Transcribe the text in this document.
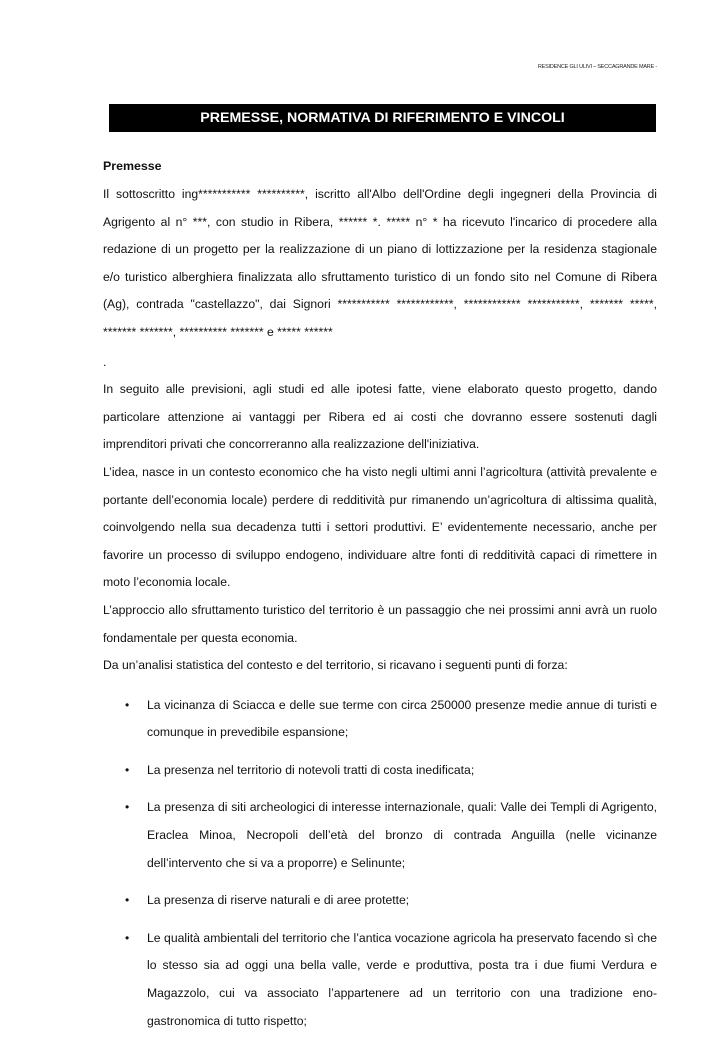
RESIDENCE GLI ULIVI – SECCAGRANDE MARE -
PREMESSE, NORMATIVA DI RIFERIMENTO E VINCOLI
Premesse

Il sottoscritto ing*********** **********, iscritto all'Albo dell'Ordine degli ingegneri della Provincia di Agrigento al n° ***, con studio in Ribera, ****** *. ***** n° * ha ricevuto l'incarico di procedere alla redazione di un progetto per la realizzazione di un piano di lottizzazione per la residenza stagionale e/o turistico alberghiera finalizzata allo sfruttamento turistico di un fondo sito nel Comune di Ribera (Ag), contrada "castellazzo", dai Signori *********** ************, ************ ***********, ******* *****, ******* *******, ********** ******* e ***** ******

.

In seguito alle previsioni, agli studi ed alle ipotesi fatte, viene elaborato questo progetto, dando particolare attenzione ai vantaggi per Ribera ed ai costi che dovranno essere sostenuti dagli imprenditori privati che concorreranno alla realizzazione dell'iniziativa.

L’idea, nasce in un contesto economico che ha visto negli ultimi anni l’agricoltura (attività prevalente e portante dell’economia locale) perdere di redditività pur rimanendo un’agricoltura di altissima qualità, coinvolgendo nella sua decadenza tutti i settori produttivi. E’ evidentemente necessario, anche per favorire un processo di sviluppo endogeno, individuare altre fonti di redditività capaci di rimettere in moto l’economia locale.

L’approccio allo sfruttamento turistico del territorio è un passaggio che nei prossimi anni avrà un ruolo fondamentale per questa economia.

Da un’analisi statistica del contesto e del territorio, si ricavano i seguenti punti di forza:

• La vicinanza di Sciacca e delle sue terme con circa 250000 presenze medie annue di turisti e comunque in prevedibile espansione;
• La presenza nel territorio di notevoli tratti di costa inedificata;
• La presenza di siti archeologici di interesse internazionale, quali: Valle dei Templi di Agrigento, Eraclea Minoa, Necropoli dell’età del bronzo di contrada Anguilla (nelle vicinanze dell’intervento che si va a proporre) e Selinunte;
• La presenza di riserve naturali e di aree protette;
• Le qualità ambientali del territorio che l’antica vocazione agricola ha preservato facendo sì che lo stesso sia ad oggi una bella valle, verde e produttiva, posta tra i due fiumi Verdura e Magazzolo, cui va associato l’appartenere ad un territorio con una tradizione eno-gastronomica di tutto rispetto;
